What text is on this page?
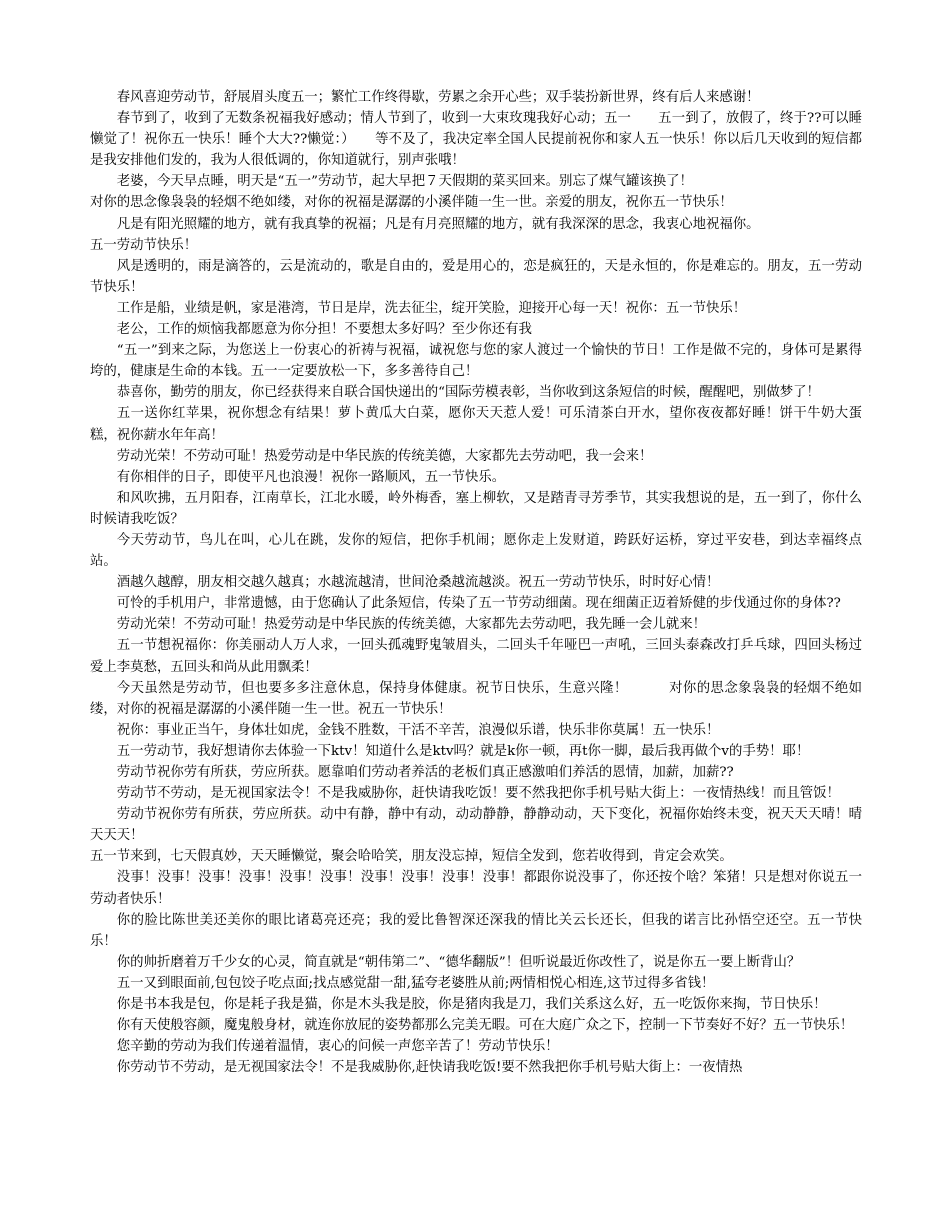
春风喜迎劳动节，舒展眉头度五一；繁忙工作终得歇，劳累之余开心些；双手装扮新世界，终有后人来感谢！

春节到了，收到了无数条祝福我好感动；情人节到了，收到一大束玫瑰我好心动；五一　　五一到了，放假了，终于??可以睡懒觉了！祝你五一快乐！睡个大大??懒觉：）　　等不及了，我决定率全国人民提前祝你和家人五一快乐！你以后几天收到的短信都是我安排他们发的，我为人很低调的，你知道就行，别声张哦！

老婆，今天早点睡，明天是“五一”劳动节，起大早把７天假期的菜买回来。别忘了煤气罐该换了！

对你的思念像袅袅的轻烟不绝如缕，对你的祝福是潺潺的小溪伴随一生一世。亲爱的朋友，祝你五一节快乐！

凡是有阳光照耀的地方，就有我真挚的祝福；凡是有月亮照耀的地方，就有我深深的思念，我衷心地祝福你。

五一劳动节快乐！

风是透明的，雨是滴答的，云是流动的，歌是自由的，爱是用心的，恋是疯狂的，天是永恒的，你是难忘的。朋友，五一劳动节快乐！

工作是船，业绩是帆，家是港湾，节日是岸，洗去征尘，绽开笑脸，迎接开心每一天！祝你：五一节快乐！

老公，工作的烦恼我都愿意为你分担！不要想太多好吗？至少你还有我

“五一”到来之际，为您送上一份衷心的祈祷与祝福，诚祝您与您的家人渡过一个愉快的节日！工作是做不完的，身体可是累得垮的，健康是生命的本钱。五一一定要放松一下，多多善待自己！

恭喜你，勤劳的朋友，你已经获得来自联合国快递出的“国际劳模表彰，当你收到这条短信的时候，醒醒吧，别做梦了！

五一送你红苹果，祝你想念有结果！萝卜黄瓜大白菜，愿你天天惹人爱！可乐清茶白开水，望你夜夜都好睡！饼干牛奶大蛋糕，祝你薪水年年高！

劳动光荣！不劳动可耻！热爱劳动是中华民族的传统美德，大家都先去劳动吧，我一会来！

有你相伴的日子，即使平凡也浪漫！祝你一路顺风，五一节快乐。

和风吹拂，五月阳春，江南草长，江北水暖，岭外梅香，塞上柳软，又是踏青寻芳季节，其实我想说的是，五一到了，你什么时候请我吃饭？

今天劳动节，鸟儿在叫，心儿在跳，发你的短信，把你手机闹；愿你走上发财道，跨跃好运桥，穿过平安巷，到达幸福终点站。

酒越久越醇，朋友相交越久越真；水越流越清，世间沧桑越流越淡。祝五一劳动节快乐，时时好心情！

可怜的手机用户，非常遗憾，由于您确认了此条短信，传染了五一节劳动细菌。现在细菌正迈着矫健的步伐通过你的身体??

劳动光荣！不劳动可耻！热爱劳动是中华民族的传统美德，大家都先去劳动吧，我先睡一会儿就来！

五一节想祝福你：你美丽动人万人求，一回头孤魂野鬼皱眉头，二回头千年哑巴一声吼，三回头泰森改打乒乓球，四回头杨过爱上李莫愁，五回头和尚从此用飘柔！

今天虽然是劳动节，但也要多多注意休息，保持身体健康。祝节日快乐，生意兴隆！　　　对你的思念象袅袅的轻烟不绝如缕，对你的祝福是潺潺的小溪伴随一生一世。祝五一节快乐！

祝你：事业正当午，身体壮如虎，金钱不胜数，干活不辛苦，浪漫似乐谱，快乐非你莫属！五一快乐！

五一劳动节，我好想请你去体验一下ktv！知道什么是ktv吗？就是k你一顿，再t你一脚，最后我再做个v的手势！耶！

劳动节祝你劳有所获，劳应所获。愿靠咱们劳动者养活的老板们真正感激咱们养活的恩情，加薪，加薪??

劳动节不劳动，是无视国家法令！不是我威胁你，赶快请我吃饭！要不然我把你手机号贴大街上：一夜情热线！而且管饭！

劳动节祝你劳有所获，劳应所获。动中有静，静中有动，动动静静，静静动动，天下变化，祝福你始终未变，祝天天天晴！晴天天天！

五一节来到，七天假真妙，天天睡懒觉，聚会哈哈笑，朋友没忘掉，短信全发到，您若收得到，肯定会欢笑。

没事！没事！没事！没事！没事！没事！没事！没事！没事！没事！都跟你说没事了，你还按个啥？笨猪！只是想对你说五一劳动者快乐！

你的脸比陈世美还美你的眼比诸葛亮还亮；我的爱比鲁智深还深我的情比关云长还长，但我的诺言比孙悟空还空。五一节快乐！

你的帅折磨着万千少女的心灵，简直就是“朝伟第二”、“德华翻版”！但听说最近你改性了，说是你五一要上断背山？

五一又到眼面前,包包饺子吃点面;找点感觉甜一甜,猛夸老婆胜从前;两情相悦心相连,这节过得多省钱！

你是书本我是包，你是耗子我是猫，你是木头我是胶，你是猪肉我是刀，我们关系这么好，五一吃饭你来掏，节日快乐！

你有天使般容颜，魔鬼般身材，就连你放屁的姿势都那么完美无暇。可在大庭广众之下，控制一下节奏好不好？五一节快乐！

您辛勤的劳动为我们传递着温情，衷心的问候一声您辛苦了！劳动节快乐！

你劳动节不劳动，是无视国家法令！不是我威胁你,赶快请我吃饭!要不然我把你手机号贴大街上：一夜情热
